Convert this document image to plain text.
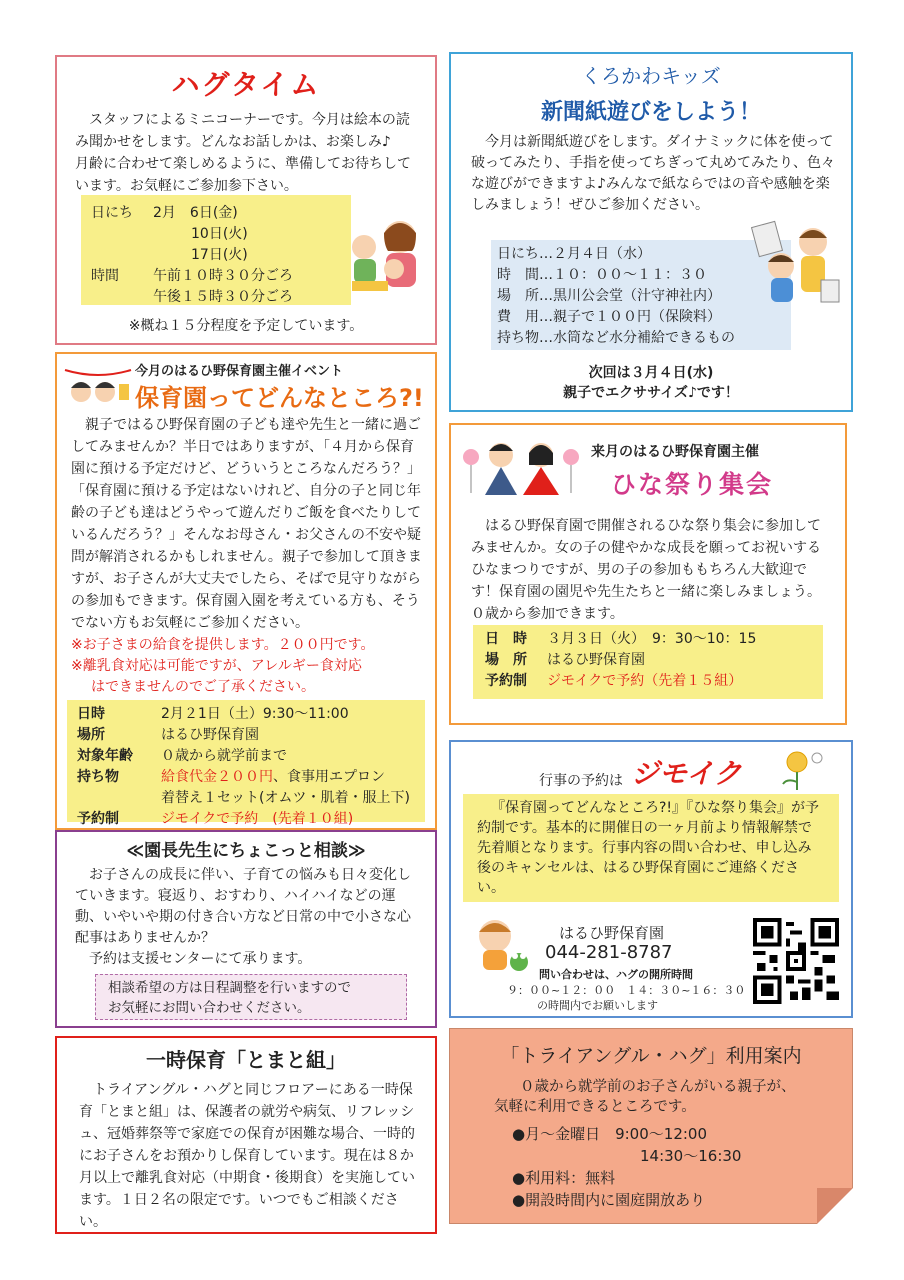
ハグタイム

スタッフによるミニコーナーです。今月は絵本の読み聞かせをします。どんなお話しかは、お楽しみ♪　月齢に合わせて楽しめるように、準備してお待ちしています。お気軽にご参加参下さい。

日にち	2月　6日(金)
10日(火)
17日(火)
時間	午前１０時３０分ごろ
午後１５時３０分ごろ
※概ね１５分程度を予定しています。
くろかわキッズ
新聞紙遊びをしよう！

今月は新聞紙遊びをします。ダイナミックに体を使って破ってみたり、手指を使ってちぎって丸めてみたり、色々な遊びができますよ♪みんなで紙ならではの音や感触を楽しみましょう！ぜひご参加ください。

日にち…２月４日（水）
時　間…１０：００～１１：３０
場　所…黒川公会堂（汁守神社内）
費　用…親子で１００円（保険料）
持ち物…水筒など水分補給できるもの
次回は３月４日(水)
親子でエクササイズ♪です！
今月のはるひ野保育園主催イベント
保育園ってどんなところ?!

親子ではるひ野保育園の子ども達や先生と一緒に過ごしてみませんか？半日ではありますが、「４月から保育園に預ける予定だけど、どういうところなんだろう？」「保育園に預ける予定はないけれど、自分の子と同じ年齢の子ども達はどうやって遊んだりご飯を食べたりしているんだろう？」そんなお母さん・お父さんの不安や疑問が解消されるかもしれません。親子で参加して頂きますが、お子さんが大丈夫でしたら、そばで見守りながらの参加もできます。保育園入園を考えている方も、そうでない方もお気軽にご参加ください。

※お子さまの給食を提供します。２００円です。
※離乳食対応は可能ですが、アレルギー食対応
はできませんのでご了承ください。
日時	2月２1日（土）9:30～11:00
場所	はるひ野保育園
対象年齢	０歳から就学前まで
持ち物	給食代金２００円 、食事用エプロン
着替え１セット(オムツ・肌着・服上下)
予約制	ジモイクで予約　(先着１０組)
来月のはるひ野保育園主催
ひな祭り集会

はるひ野保育園で開催されるひな祭り集会に参加してみませんか。女の子の健やかな成長を願ってお祝いするひなまつりですが、男の子の参加ももちろん大歓迎です！保育園の園児や先生たちと一緒に楽しみましょう。０歳から参加できます。

日　時	３月３日（火）　9：30～10：15
場　所	はるひ野保育園
予約制	ジモイクで予約（先着１５組）
行事の予約は ジモイク

『保育園ってどんなところ?!』『ひな祭り集会』が予約制です。基本的に開催日の一ヶ月前より情報解禁で先着順となります。行事内容の問い合わせ、申し込み後のキャンセルは、はるひ野保育園にご連絡ください。

はるひ野保育園
044-281-8787
問い合わせは、ハグの開所時間
９：００~１２：００　１４：３０~１６：３０
の時間内でお願いします
≪園長先生にちょこっと相談≫

お子さんの成長に伴い、子育ての悩みも日々変化していきます。寝返り、おすわり、ハイハイなどの運動、いやいや期の付き合い方など日常の中で小さな心配事はありませんか？

予約は支援センターにて承ります。
相談希望の方は日程調整を行いますので
お気軽にお問い合わせください。
一時保育「とまと組」

トライアングル・ハグと同じフロアーにある一時保育「とまと組」は、保護者の就労や病気、リフレッシュ、冠婚葬祭等で家庭での保育が困難な場合、一時的にお子さんをお預かりし保育しています。現在は８か月以上で離乳食対応（中期食・後期食）を実施しています。１日２名の限定です。いつでもご相談ください。

「トライアングル・ハグ」利用案内
０歳から就学前のお子さんがいる親子が、
気軽に利用できるところです。
●月～金曜日　9:00～12:00
14:30～16:30
●利用料：無料
●開設時間内に園庭開放あり
